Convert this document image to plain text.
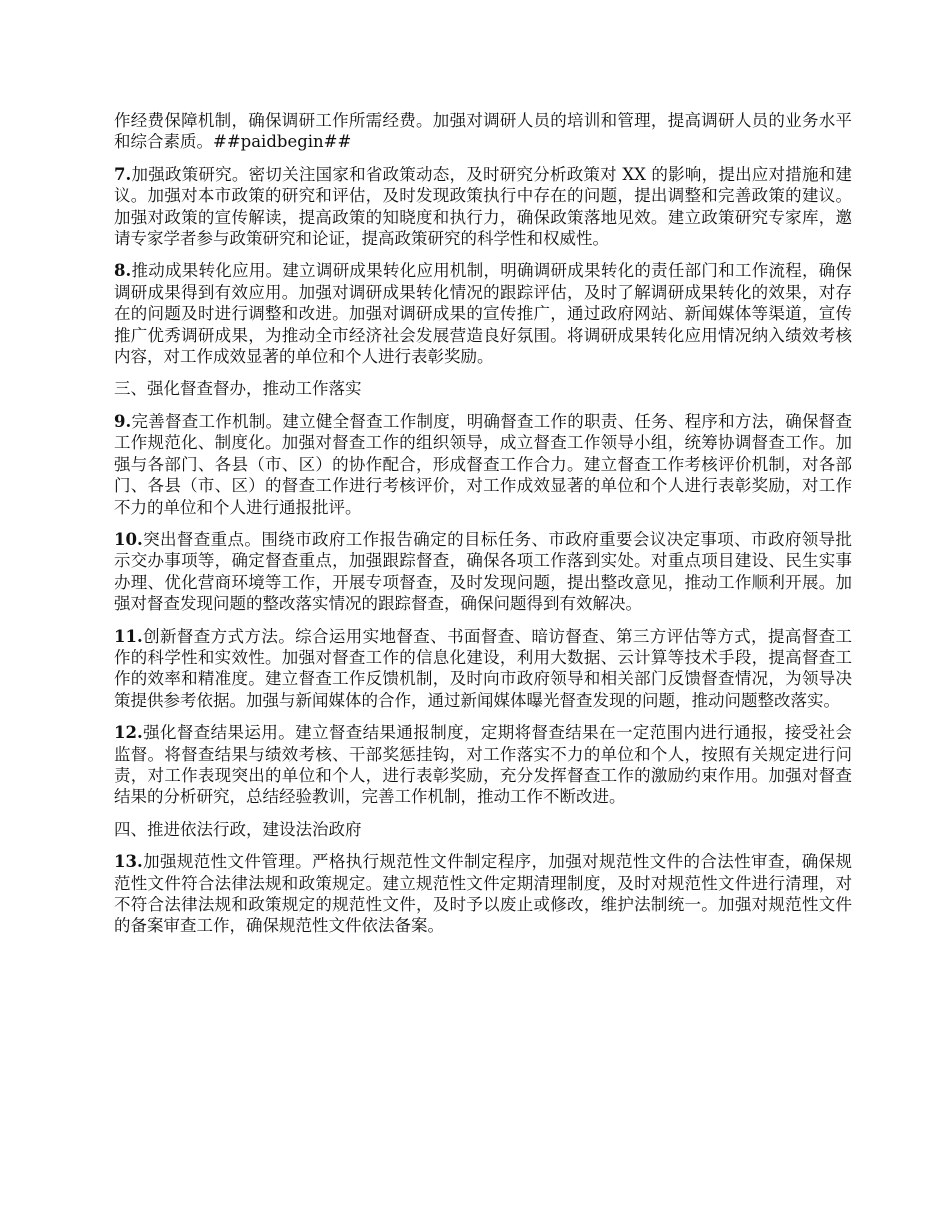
作经费保障机制，确保调研工作所需经费。加强对调研人员的培训和管理，提高调研人员的业务水平和综合素质。##paidbegin##

7.加强政策研究。密切关注国家和省政策动态，及时研究分析政策对 XX 的影响，提出应对措施和建议。加强对本市政策的研究和评估，及时发现政策执行中存在的问题，提出调整和完善政策的建议。加强对政策的宣传解读，提高政策的知晓度和执行力，确保政策落地见效。建立政策研究专家库，邀请专家学者参与政策研究和论证，提高政策研究的科学性和权威性。

8.推动成果转化应用。建立调研成果转化应用机制，明确调研成果转化的责任部门和工作流程，确保调研成果得到有效应用。加强对调研成果转化情况的跟踪评估，及时了解调研成果转化的效果，对存在的问题及时进行调整和改进。加强对调研成果的宣传推广，通过政府网站、新闻媒体等渠道，宣传推广优秀调研成果，为推动全市经济社会发展营造良好氛围。将调研成果转化应用情况纳入绩效考核内容，对工作成效显著的单位和个人进行表彰奖励。

三、强化督查督办，推动工作落实

9.完善督查工作机制。建立健全督查工作制度，明确督查工作的职责、任务、程序和方法，确保督查工作规范化、制度化。加强对督查工作的组织领导，成立督查工作领导小组，统筹协调督查工作。加强与各部门、各县（市、区）的协作配合，形成督查工作合力。建立督查工作考核评价机制，对各部门、各县（市、区）的督查工作进行考核评价，对工作成效显著的单位和个人进行表彰奖励，对工作不力的单位和个人进行通报批评。

10.突出督查重点。围绕市政府工作报告确定的目标任务、市政府重要会议决定事项、市政府领导批示交办事项等，确定督查重点，加强跟踪督查，确保各项工作落到实处。对重点项目建设、民生实事办理、优化营商环境等工作，开展专项督查，及时发现问题，提出整改意见，推动工作顺利开展。加强对督查发现问题的整改落实情况的跟踪督查，确保问题得到有效解决。

11.创新督查方式方法。综合运用实地督查、书面督查、暗访督查、第三方评估等方式，提高督查工作的科学性和实效性。加强对督查工作的信息化建设，利用大数据、云计算等技术手段，提高督查工作的效率和精准度。建立督查工作反馈机制，及时向市政府领导和相关部门反馈督查情况，为领导决策提供参考依据。加强与新闻媒体的合作，通过新闻媒体曝光督查发现的问题，推动问题整改落实。

12.强化督查结果运用。建立督查结果通报制度，定期将督查结果在一定范围内进行通报，接受社会监督。将督查结果与绩效考核、干部奖惩挂钩，对工作落实不力的单位和个人，按照有关规定进行问责，对工作表现突出的单位和个人，进行表彰奖励，充分发挥督查工作的激励约束作用。加强对督查结果的分析研究，总结经验教训，完善工作机制，推动工作不断改进。

四、推进依法行政，建设法治政府

13.加强规范性文件管理。严格执行规范性文件制定程序，加强对规范性文件的合法性审查，确保规范性文件符合法律法规和政策规定。建立规范性文件定期清理制度，及时对规范性文件进行清理，对不符合法律法规和政策规定的规范性文件，及时予以废止或修改，维护法制统一。加强对规范性文件的备案审查工作，确保规范性文件依法备案。
